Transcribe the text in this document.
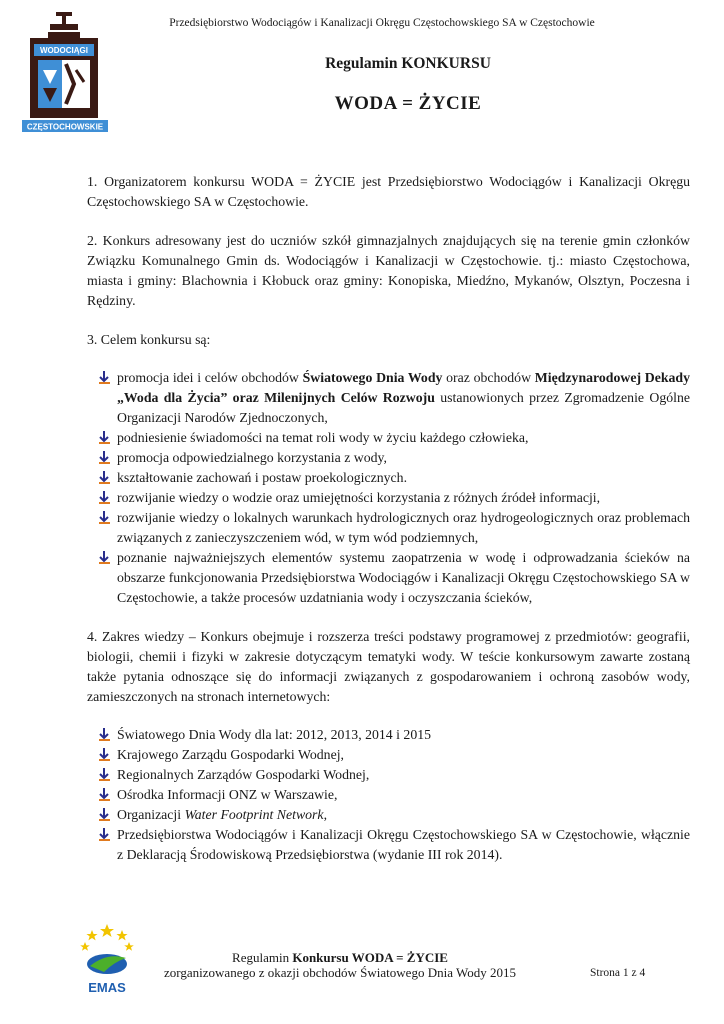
Przedsiębiorstwo Wodociągów i Kanalizacji Okręgu Częstochowskiego SA w Częstochowie
WODOCIĄGI
CZĘSTOCHOWSKIE
Regulamin KONKURSU
WODA = ŻYCIE

1. Organizatorem konkursu WODA = ŻYCIE jest Przedsiębiorstwo Wodociągów i Kanalizacji Okręgu Częstochowskiego SA w Częstochowie.

2. Konkurs adresowany jest do uczniów szkół gimnazjalnych znajdujących się na terenie gmin członków Związku Komunalnego Gmin ds. Wodociągów i Kanalizacji w Częstochowie. tj.: miasto Częstochowa, miasta i gminy: Blachownia i Kłobuck oraz gminy: Konopiska, Miedźno, Mykanów, Olsztyn, Poczesna i Rędziny.

3. Celem konkursu są:

promocja idei i celów obchodów Światowego Dnia Wody oraz obchodów Międzynarodowej Dekady „Woda dla Życia” oraz Milenijnych Celów Rozwoju ustanowionych przez Zgromadzenie Ogólne Organizacji Narodów Zjednoczonych,
podniesienie świadomości na temat roli wody w życiu każdego człowieka,
promocja odpowiedzialnego korzystania z wody,
kształtowanie zachowań i postaw proekologicznych.
rozwijanie wiedzy o wodzie oraz umiejętności korzystania z różnych źródeł informacji,
rozwijanie wiedzy o lokalnych warunkach hydrologicznych oraz hydrogeologicznych oraz problemach związanych z zanieczyszczeniem wód, w tym wód podziemnych,
poznanie najważniejszych elementów systemu zaopatrzenia w wodę i odprowadzania ścieków na obszarze funkcjonowania Przedsiębiorstwa Wodociągów i Kanalizacji Okręgu Częstochowskiego SA w Częstochowie, a także procesów uzdatniania wody i oczyszczania ścieków,

4. Zakres wiedzy – Konkurs obejmuje i rozszerza treści podstawy programowej z przedmiotów: geografii, biologii, chemii i fizyki w zakresie dotyczącym tematyki wody. W teście konkursowym zawarte zostaną także pytania odnoszące się do informacji związanych z gospodarowaniem i ochroną zasobów wody, zamieszczonych na stronach internetowych:

Światowego Dnia Wody dla lat: 2012, 2013, 2014 i 2015
Krajowego Zarządu Gospodarki Wodnej,
Regionalnych Zarządów Gospodarki Wodnej,
Ośrodka Informacji ONZ w Warszawie,
Organizacji Water Footprint Network,
Przedsiębiorstwa Wodociągów i Kanalizacji Okręgu Częstochowskiego SA w Częstochowie, włącznie z Deklaracją Środowiskową Przedsiębiorstwa (wydanie III rok 2014).
EMAS
Regulamin Konkursu WODA = ŻYCIE
zorganizowanego z okazji obchodów Światowego Dnia Wody 2015	Strona 1 z 4
